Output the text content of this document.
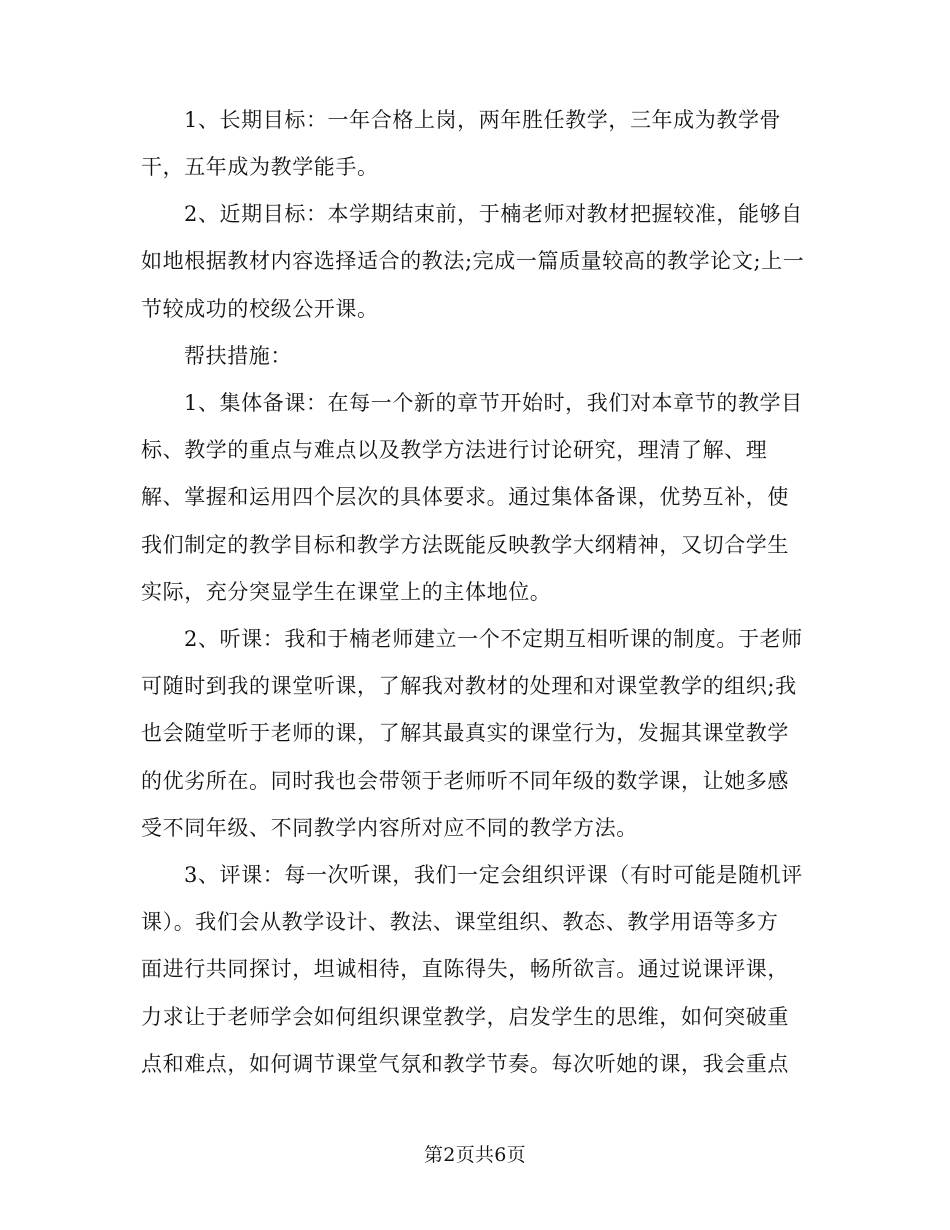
1、长期目标：一年合格上岗，两年胜任教学，三年成为教学骨
干，五年成为教学能手。
2、近期目标：本学期结束前，于楠老师对教材把握较准，能够自
如地根据教材内容选择适合的教法;完成一篇质量较高的教学论文;上一
节较成功的校级公开课。
帮扶措施：
1、集体备课：在每一个新的章节开始时，我们对本章节的教学目
标、教学的重点与难点以及教学方法进行讨论研究，理清了解、理
解、掌握和运用四个层次的具体要求。通过集体备课，优势互补，使
我们制定的教学目标和教学方法既能反映教学大纲精神，又切合学生
实际，充分突显学生在课堂上的主体地位。
2、听课：我和于楠老师建立一个不定期互相听课的制度。于老师
可随时到我的课堂听课，了解我对教材的处理和对课堂教学的组织;我
也会随堂听于老师的课，了解其最真实的课堂行为，发掘其课堂教学
的优劣所在。同时我也会带领于老师听不同年级的数学课，让她多感
受不同年级、不同教学内容所对应不同的教学方法。
3、评课：每一次听课，我们一定会组织评课（有时可能是随机评
课）。我们会从教学设计、教法、课堂组织、教态、教学用语等多方
面进行共同探讨，坦诚相待，直陈得失，畅所欲言。通过说课评课，
力求让于老师学会如何组织课堂教学，启发学生的思维，如何突破重
点和难点，如何调节课堂气氛和教学节奏。每次听她的课，我会重点
第2页共6页
